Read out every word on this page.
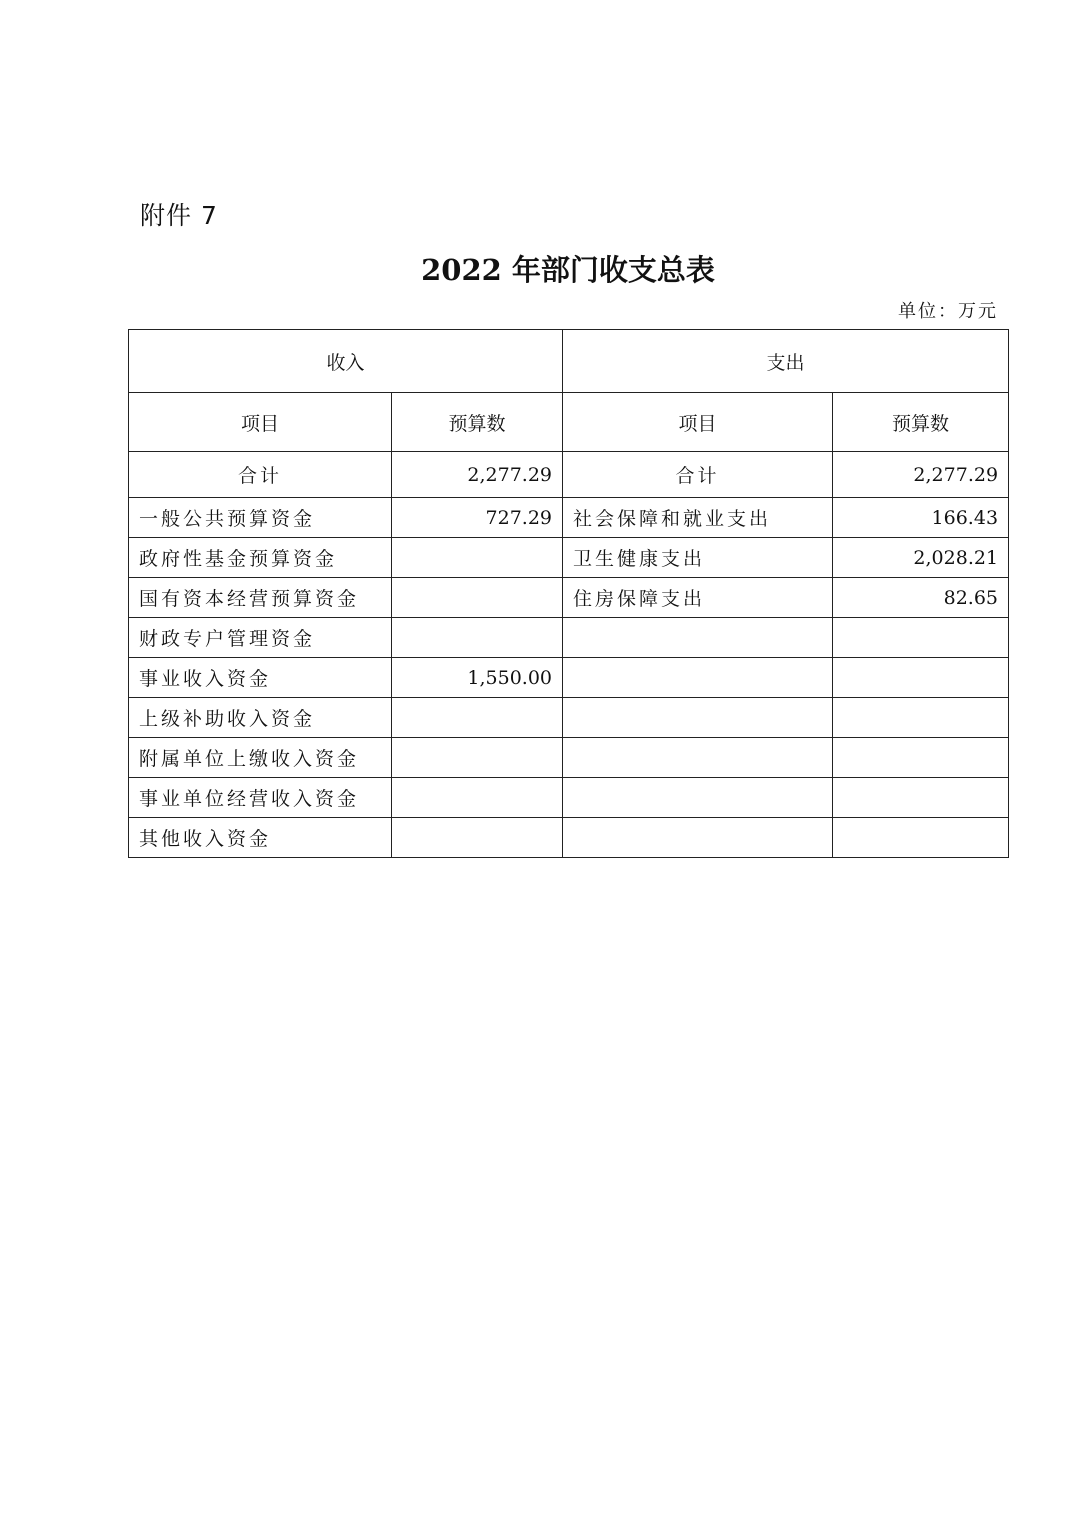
附件 7
2022 年部门收支总表
单位：万元
收入		支出	
项目	预算数	项目	预算数
合计	2,277.29	合计	2,277.29
一般公共预算资金	727.29	社会保障和就业支出	166.43
政府性基金预算资金		卫生健康支出	2,028.21
国有资本经营预算资金		住房保障支出	82.65
财政专户管理资金			
事业收入资金	1,550.00		
上级补助收入资金			
附属单位上缴收入资金			
事业单位经营收入资金			
其他收入资金			
